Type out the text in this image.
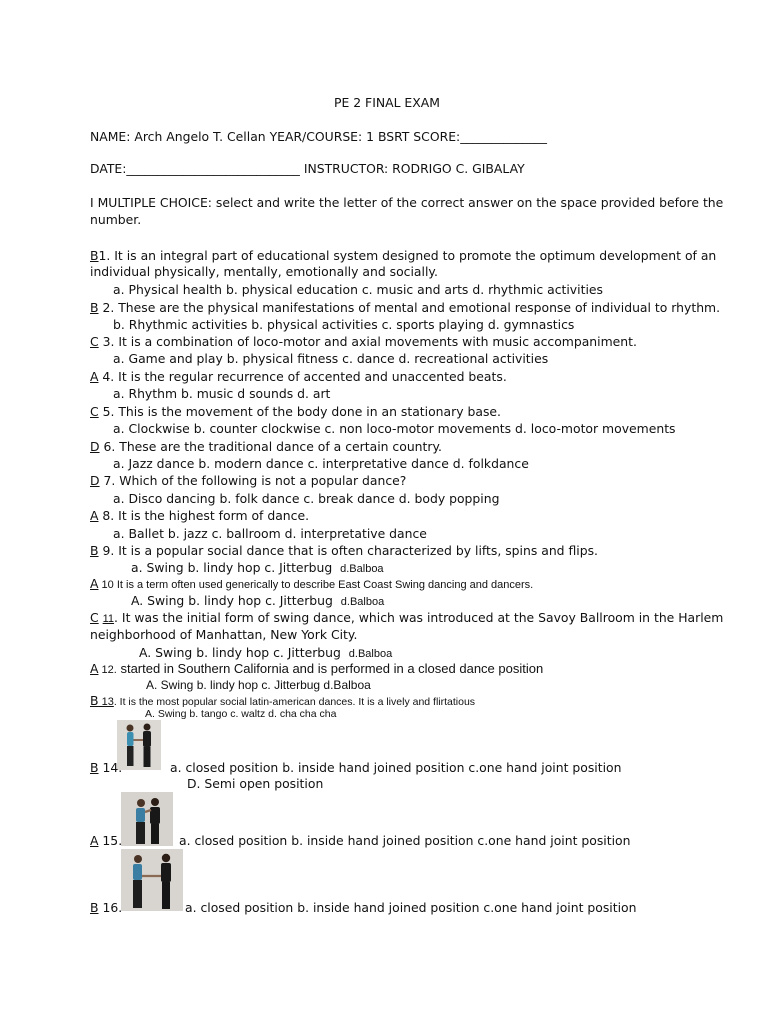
PE 2 FINAL EXAM
NAME: Arch Angelo T. Cellan YEAR/COURSE: 1 BSRT SCORE:______________
DATE:____________________________ INSTRUCTOR: RODRIGO C. GIBALAY
I MULTIPLE CHOICE: select and write the letter of the correct answer on the space provided before the
number.
B1. It is an integral part of educational system designed to promote the optimum development of an
individual physically, mentally, emotionally and socially.
a. Physical health b. physical education c. music and arts d. rhythmic activities
B 2. These are the physical manifestations of mental and emotional response of individual to rhythm.
b. Rhythmic activities b. physical activities c. sports playing d. gymnastics
C 3. It is a combination of loco-motor and axial movements with music accompaniment.
a. Game and play b. physical fitness c. dance d. recreational activities
A 4. It is the regular recurrence of accented and unaccented beats.
a. Rhythm b. music d sounds d. art
C 5. This is the movement of the body done in an stationary base.
a. Clockwise b. counter clockwise c. non loco-motor movements d. loco-motor movements
D 6. These are the traditional dance of a certain country.
a. Jazz dance b. modern dance c. interpretative dance d. folkdance
D 7. Which of the following is not a popular dance?
a. Disco dancing b. folk dance c. break dance d. body popping
A 8. It is the highest form of dance.
a. Ballet b. jazz c. ballroom d. interpretative dance
B 9. It is a popular social dance that is often characterized by lifts, spins and flips.
a. Swing b. lindy hop c. Jitterbug d.Balboa
A 10 It is a term often used generically to describe East Coast Swing dancing and dancers.
A. Swing b. lindy hop c. Jitterbug d.Balboa
C 11. It was the initial form of swing dance, which was introduced at the Savoy Ballroom in the Harlem
neighborhood of Manhattan, New York City.
A. Swing b. lindy hop c. Jitterbug d.Balboa
A 12. started in Southern California and is performed in a closed dance position
A. Swing b. lindy hop c. Jitterbug d.Balboa
B 13. It is the most popular social latin-american dances. It is a lively and flirtatious
A. Swing b. tango c. waltz d. cha cha cha
B 14.	a. closed position b. inside hand joined position c.one hand joint position
D. Semi open position
A 15.	a. closed position b. inside hand joined position c.one hand joint position
B 16.	a. closed position b. inside hand joined position c.one hand joint position
